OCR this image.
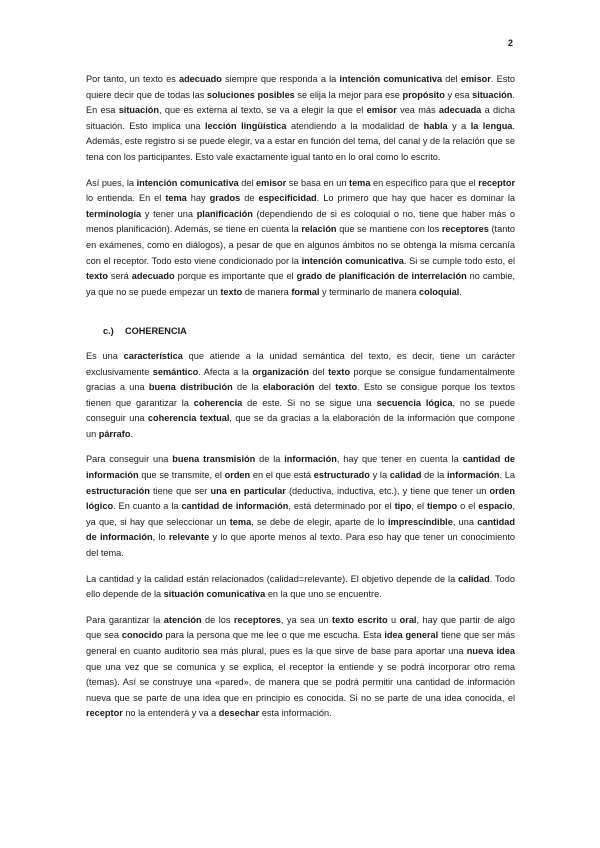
2

Por tanto, un texto es adecuado siempre que responda a la intención comunicativa del emisor. Esto quiere decir que de todas las soluciones posibles se elija la mejor para ese propósito y esa situación. En esa situación, que es externa al texto, se va a elegir la que el emisor vea más adecuada a dicha situación. Esto implica una lección lingüística atendiendo a la modalidad de habla y a la lengua. Además, este registro si se puede elegir, va a estar en función del tema, del canal y de la relación que se tena con los participantes. Esto vale exactamente igual tanto en lo oral como lo escrito.

Así pues, la intención comunicativa del emisor se basa en un tema en específico para que el receptor lo entienda. En el tema hay grados de especificidad. Lo primero que hay que hacer es dominar la terminología y tener una planificación (dependiendo de si es coloquial o no, tiene que haber más o menos planificación). Además, se tiene en cuenta la relación que se mantiene con los receptores (tanto en exámenes, como en diálogos), a pesar de que en algunos ámbitos no se obtenga la misma cercanía con el receptor. Todo esto viene condicionado por la intención comunicativa. Si se cumple todo esto, el texto será adecuado porque es importante que el grado de planificación de interrelación no cambie, ya que no se puede empezar un texto de manera formal y terminarlo de manera coloquial.

c.) COHERENCIA

Es una característica que atiende a la unidad semántica del texto, es decir, tiene un carácter exclusivamente semántico. Afecta a la organización del texto porque se consigue fundamentalmente gracias a una buena distribución de la elaboración del texto. Esto se consigue porque los textos tienen que garantizar la coherencia de este. Si no se sigue una secuencia lógica, no se puede conseguir una coherencia textual, que se da gracias a la elaboración de la información que compone un párrafo.

Para conseguir una buena transmisión de la información, hay que tener en cuenta la cantidad de información que se transmite, el orden en el que está estructurado y la calidad de la información. La estructuración tiene que ser una en particular (deductiva, inductiva, etc.), y tiene que tener un orden lógico. En cuanto a la cantidad de información, está determinado por el tipo, el tiempo o el espacio, ya que, si hay que seleccionar un tema, se debe de elegir, aparte de lo imprescindible, una cantidad de información, lo relevante y lo que aporte menos al texto. Para eso hay que tener un conocimiento del tema.

La cantidad y la calidad están relacionados (calidad=relevante). El objetivo depende de la calidad. Todo ello depende de la situación comunicativa en la que uno se encuentre.

Para garantizar la atención de los receptores, ya sea un texto escrito u oral, hay que partir de algo que sea conocido para la persona que me lee o que me escucha. Esta idea general tiene que ser más general en cuanto auditorio sea más plural, pues es la que sirve de base para aportar una nueva idea que una vez que se comunica y se explica, el receptor la entiende y se podrá incorporar otro rema (temas). Así se construye una «pared», de manera que se podrá permitir una cantidad de información nueva que se parte de una idea que en principio es conocida. Si no se parte de una idea conocida, el receptor no la entenderá y va a desechar esta información.
